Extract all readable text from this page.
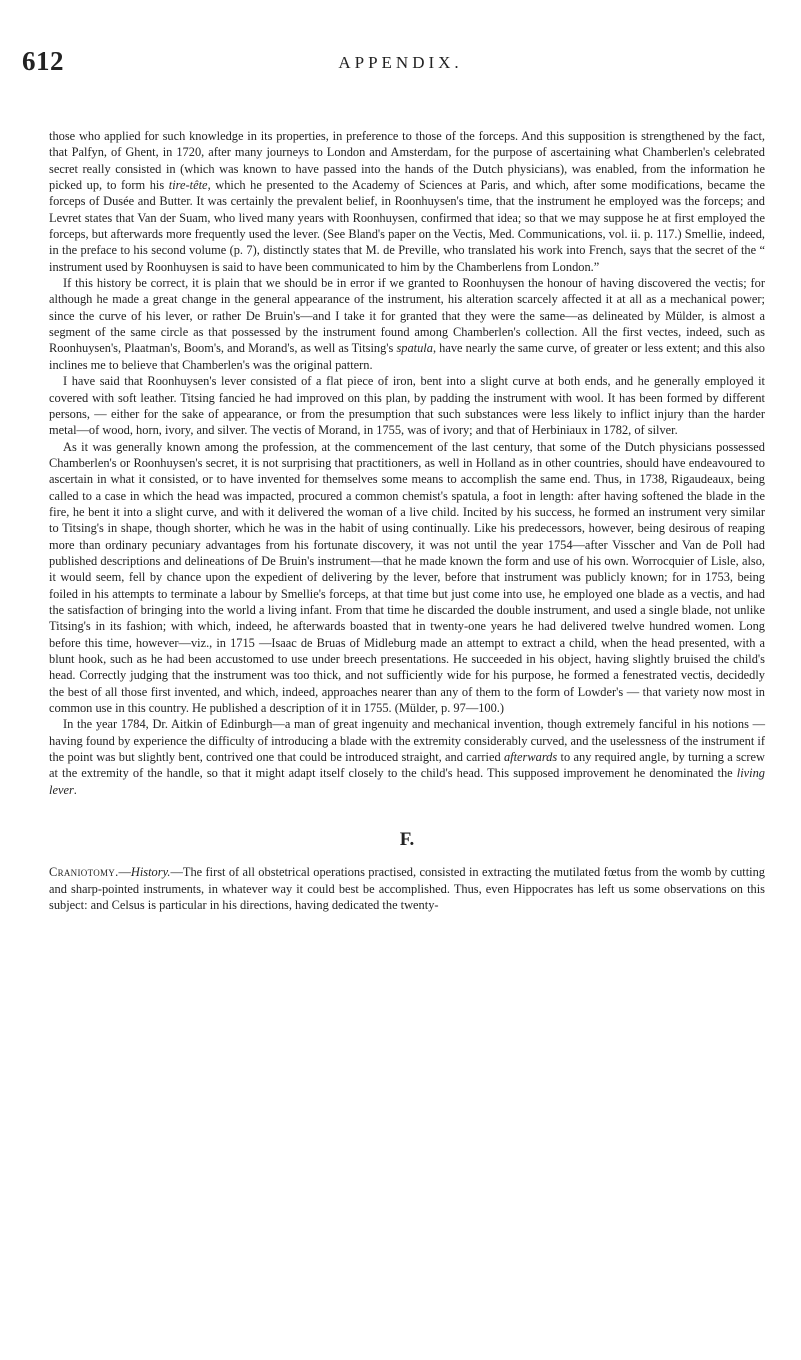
612	APPENDIX.

those who applied for such knowledge in its properties, in preference to those of the forceps. And this supposition is strengthened by the fact, that Palfyn, of Ghent, in 1720, after many journeys to London and Amsterdam, for the purpose of ascertaining what Chamberlen's celebrated secret really consisted in (which was known to have passed into the hands of the Dutch physicians), was enabled, from the information he picked up, to form his tire-tête, which he presented to the Academy of Sciences at Paris, and which, after some modifications, became the forceps of Dusée and Butter. It was certainly the prevalent belief, in Roonhuysen's time, that the instrument he employed was the forceps; and Levret states that Van der Suam, who lived many years with Roonhuysen, confirmed that idea; so that we may suppose he at first employed the forceps, but afterwards more frequently used the lever. (See Bland's paper on the Vectis, Med. Communications, vol. ii. p. 117.) Smellie, indeed, in the preface to his second volume (p. 7), distinctly states that M. de Preville, who translated his work into French, says that the secret of the “ instrument used by Roonhuysen is said to have been communicated to him by the Chamberlens from London.”

If this history be correct, it is plain that we should be in error if we granted to Roonhuysen the honour of having discovered the vectis; for although he made a great change in the general appearance of the instrument, his alteration scarcely affected it at all as a mechanical power; since the curve of his lever, or rather De Bruin's—and I take it for granted that they were the same—as delineated by Mülder, is almost a segment of the same circle as that possessed by the instrument found among Chamberlen's collection. All the first vectes, indeed, such as Roonhuysen's, Plaatman's, Boom's, and Morand's, as well as Titsing's spatula, have nearly the same curve, of greater or less extent; and this also inclines me to believe that Chamberlen's was the original pattern.

I have said that Roonhuysen's lever consisted of a flat piece of iron, bent into a slight curve at both ends, and he generally employed it covered with soft leather. Titsing fancied he had improved on this plan, by padding the instrument with wool. It has been formed by different persons, — either for the sake of appearance, or from the presumption that such substances were less likely to inflict injury than the harder metal—of wood, horn, ivory, and silver. The vectis of Morand, in 1755, was of ivory; and that of Herbiniaux in 1782, of silver.

As it was generally known among the profession, at the commencement of the last century, that some of the Dutch physicians possessed Chamberlen's or Roonhuysen's secret, it is not surprising that practitioners, as well in Holland as in other countries, should have endeavoured to ascertain in what it consisted, or to have invented for themselves some means to accomplish the same end. Thus, in 1738, Rigaudeaux, being called to a case in which the head was impacted, procured a common chemist's spatula, a foot in length: after having softened the blade in the fire, he bent it into a slight curve, and with it delivered the woman of a live child. Incited by his success, he formed an instrument very similar to Titsing's in shape, though shorter, which he was in the habit of using continually. Like his predecessors, however, being desirous of reaping more than ordinary pecuniary advantages from his fortunate discovery, it was not until the year 1754—after Visscher and Van de Poll had published descriptions and delineations of De Bruin's instrument—that he made known the form and use of his own. Worrocquier of Lisle, also, it would seem, fell by chance upon the expedient of delivering by the lever, before that instrument was publicly known; for in 1753, being foiled in his attempts to terminate a labour by Smellie's forceps, at that time but just come into use, he employed one blade as a vectis, and had the satisfaction of bringing into the world a living infant. From that time he discarded the double instrument, and used a single blade, not unlike Titsing's in its fashion; with which, indeed, he afterwards boasted that in twenty-one years he had delivered twelve hundred women. Long before this time, however—viz., in 1715 —Isaac de Bruas of Midleburg made an attempt to extract a child, when the head presented, with a blunt hook, such as he had been accustomed to use under breech presentations. He succeeded in his object, having slightly bruised the child's head. Correctly judging that the instrument was too thick, and not sufficiently wide for his purpose, he formed a fenestrated vectis, decidedly the best of all those first invented, and which, indeed, approaches nearer than any of them to the form of Lowder's — that variety now most in common use in this country. He published a description of it in 1755. (Mülder, p. 97—100.)

In the year 1784, Dr. Aitkin of Edinburgh—a man of great ingenuity and mechanical invention, though extremely fanciful in his notions — having found by experience the difficulty of introducing a blade with the extremity considerably curved, and the uselessness of the instrument if the point was but slightly bent, contrived one that could be introduced straight, and carried afterwards to any required angle, by turning a screw at the extremity of the handle, so that it might adapt itself closely to the child's head. This supposed improvement he denominated the living lever.

F.

Craniotomy.—History.—The first of all obstetrical operations practised, consisted in extracting the mutilated fœtus from the womb by cutting and sharp-pointed instruments, in whatever way it could best be accomplished. Thus, even Hippocrates has left us some observations on this subject: and Celsus is particular in his directions, having dedicated the twenty-
